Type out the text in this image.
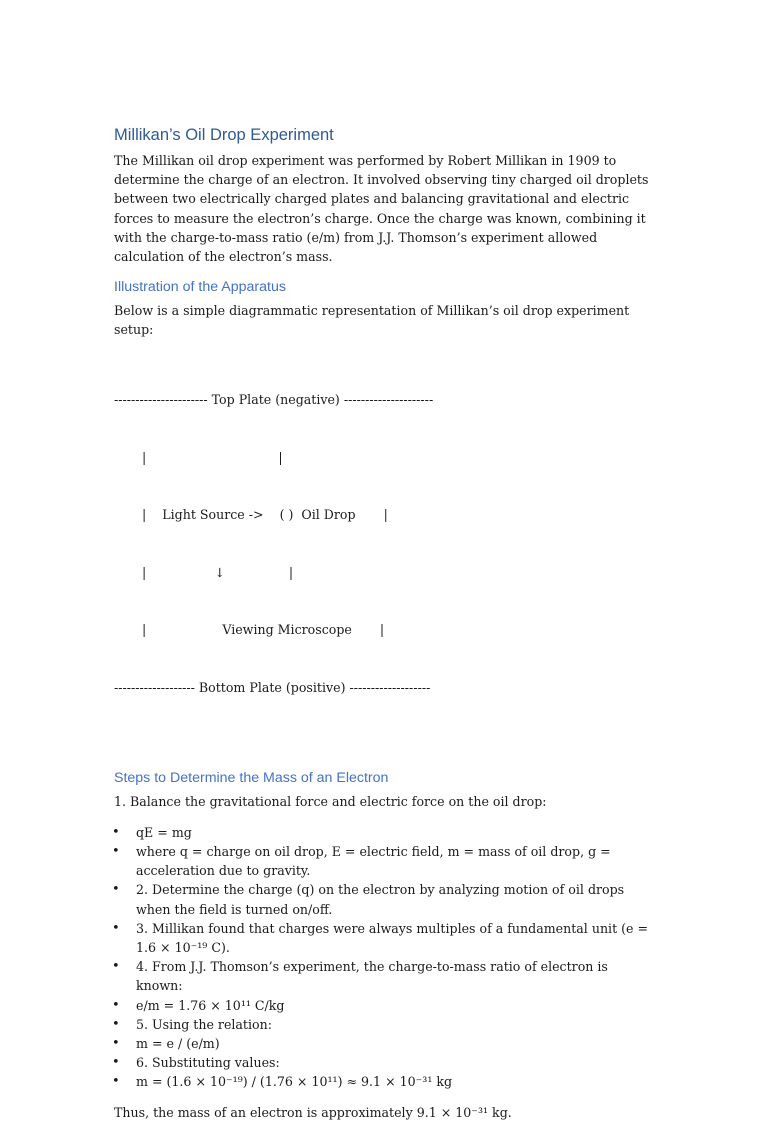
Millikan’s Oil Drop Experiment

The Millikan oil drop experiment was performed by Robert Millikan in 1909 to determine the charge of an electron. It involved observing tiny charged oil droplets between two electrically charged plates and balancing gravitational and electric forces to measure the electron’s charge. Once the charge was known, combining it with the charge-to-mass ratio (e/m) from J.J. Thomson’s experiment allowed calculation of the electron’s mass.

Illustration of the Apparatus

Below is a simple diagrammatic representation of Millikan’s oil drop experiment setup:

---------------------- Top Plate (negative) ---------------------

|                                 |

|    Light Source ->    ( )  Oil Drop       |

|                 ↓                |

|                   Viewing Microscope       |

------------------- Bottom Plate (positive) -------------------

Steps to Determine the Mass of an Electron

1. Balance the gravitational force and electric force on the oil drop:

• qE = mg
• where q = charge on oil drop, E = electric field, m = mass of oil drop, g = acceleration due to gravity.
• 2. Determine the charge (q) on the electron by analyzing motion of oil drops when the field is turned on/off.
• 3. Millikan found that charges were always multiples of a fundamental unit (e = 1.6 × 10⁻¹⁹ C).
• 4. From J.J. Thomson’s experiment, the charge-to-mass ratio of electron is known:
• e/m = 1.76 × 10¹¹ C/kg
• 5. Using the relation:
• m = e / (e/m)
• 6. Substituting values:
• m = (1.6 × 10⁻¹⁹) / (1.76 × 10¹¹) ≈ 9.1 × 10⁻³¹ kg

Thus, the mass of an electron is approximately 9.1 × 10⁻³¹ kg.
